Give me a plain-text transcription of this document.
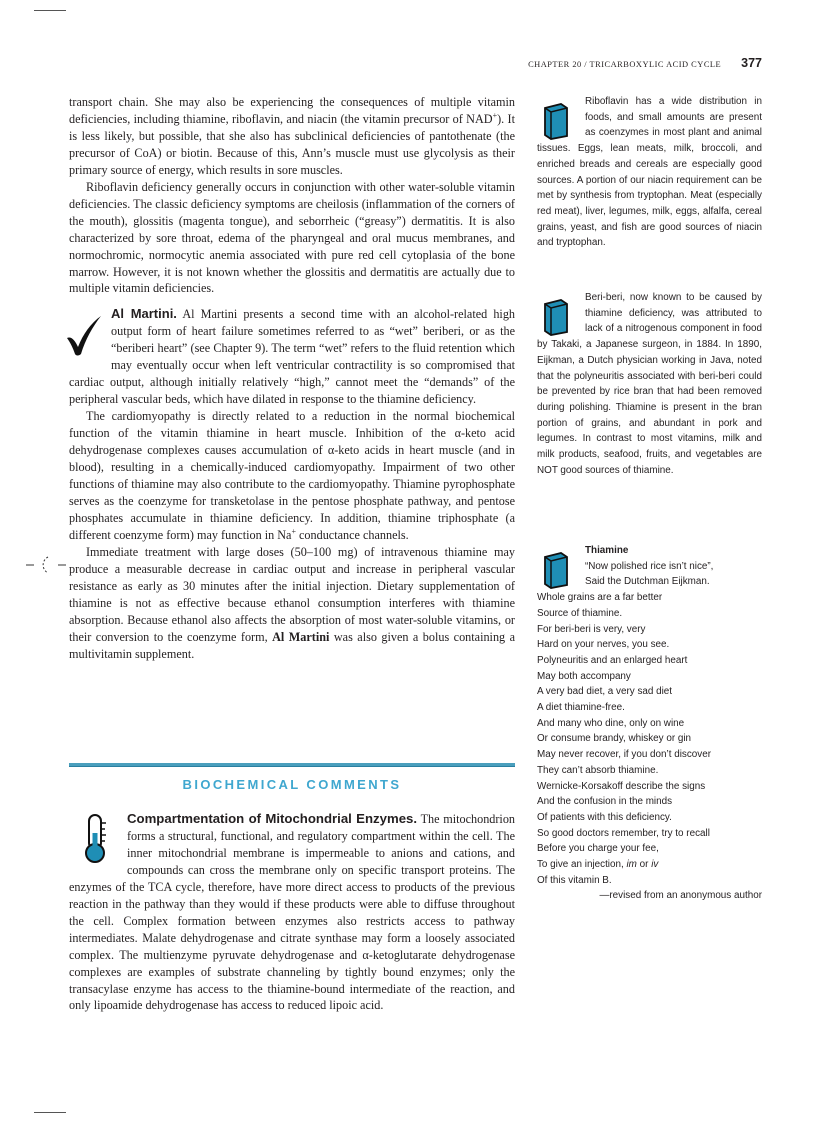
CHAPTER 20 / TRICARBOXYLIC ACID CYCLE 377

transport chain. She may also be experiencing the consequences of multiple vitamin deficiencies, including thiamine, riboflavin, and niacin (the vitamin precursor of NAD+). It is less likely, but possible, that she also has subclinical deficiencies of pantothenate (the precursor of CoA) or biotin. Because of this, Ann’s muscle must use glycolysis as their primary source of energy, which results in sore muscles.

Riboflavin deficiency generally occurs in conjunction with other water-soluble vitamin deficiencies. The classic deficiency symptoms are cheilosis (inflammation of the corners of the mouth), glossitis (magenta tongue), and seborrheic (“greasy”) dermatitis. It is also characterized by sore throat, edema of the pharyngeal and oral mucus membranes, and normochromic, normocytic anemia associated with pure red cell cytoplasia of the bone marrow. However, it is not known whether the glossitis and dermatitis are actually due to multiple vitamin deficiencies.

Al Martini. Al Martini presents a second time with an alcohol-related high output form of heart failure sometimes referred to as “wet” beriberi, or as the “beriberi heart” (see Chapter 9). The term “wet” refers to the fluid retention which may eventually occur when left ventricular contractility is so compromised that cardiac output, although initially relatively “high,” cannot meet the “demands” of the peripheral vascular beds, which have dilated in response to the thiamine deficiency.

The cardiomyopathy is directly related to a reduction in the normal biochemical function of the vitamin thiamine in heart muscle. Inhibition of the α-keto acid dehydrogenase complexes causes accumulation of α-keto acids in heart muscle (and in blood), resulting in a chemically-induced cardiomyopathy. Impairment of two other functions of thiamine may also contribute to the cardiomyopathy. Thiamine pyrophosphate serves as the coenzyme for transketolase in the pentose phosphate pathway, and pentose phosphates accumulate in thiamine deficiency. In addition, thiamine triphosphate (a different coenzyme form) may function in Na+ conductance channels.

Immediate treatment with large doses (50–100 mg) of intravenous thiamine may produce a measurable decrease in cardiac output and increase in peripheral vascular resistance as early as 30 minutes after the initial injection. Dietary supplementation of thiamine is not as effective because ethanol consumption interferes with thiamine absorption. Because ethanol also affects the absorption of most water-soluble vitamins, or their conversion to the coenzyme form, Al Martini was also given a bolus containing a multivitamin supplement.

BIOCHEMICAL COMMENTS

Compartmentation of Mitochondrial Enzymes. The mitochondrion forms a structural, functional, and regulatory compartment within the cell. The inner mitochondrial membrane is impermeable to anions and cations, and compounds can cross the membrane only on specific transport proteins. The enzymes of the TCA cycle, therefore, have more direct access to products of the previous reaction in the pathway than they would if these products were able to diffuse throughout the cell. Complex formation between enzymes also restricts access to pathway intermediates. Malate dehydrogenase and citrate synthase may form a loosely associated complex. The multienzyme pyruvate dehydrogenase and α-ketoglutarate dehydrogenase complexes are examples of substrate channeling by tightly bound enzymes; only the transacylase enzyme has access to the thiamine-bound intermediate of the reaction, and only lipoamide dehydrogenase has access to reduced lipoic acid.

Riboflavin has a wide distribution in foods, and small amounts are present as coenzymes in most plant and animal tissues. Eggs, lean meats, milk, broccoli, and enriched breads and cereals are especially good sources. A portion of our niacin requirement can be met by synthesis from tryptophan. Meat (especially red meat), liver, legumes, milk, eggs, alfalfa, cereal grains, yeast, and fish are good sources of niacin and tryptophan.

Beri-beri, now known to be caused by thiamine deficiency, was attributed to lack of a nitrogenous component in food by Takaki, a Japanese surgeon, in 1884. In 1890, Eijkman, a Dutch physician working in Java, noted that the polyneuritis associated with beri-beri could be prevented by rice bran that had been removed during polishing. Thiamine is present in the bran portion of grains, and abundant in pork and legumes. In contrast to most vitamins, milk and milk products, seafood, fruits, and vegetables are NOT good sources of thiamine.

Thiamine
“Now polished rice isn’t nice”,
Said the Dutchman Eijkman.
Whole grains are a far better
Source of thiamine.
For beri-beri is very, very
Hard on your nerves, you see.
Polyneuritis and an enlarged heart
May both accompany
A very bad diet, a very sad diet
A diet thiamine-free.
And many who dine, only on wine
Or consume brandy, whiskey or gin
May never recover, if you don’t discover
They can’t absorb thiamine.
Wernicke-Korsakoff describe the signs
And the confusion in the minds
Of patients with this deficiency.
So good doctors remember, try to recall
Before you charge your fee,
To give an injection, im or iv
Of this vitamin B.
—revised from an anonymous author
